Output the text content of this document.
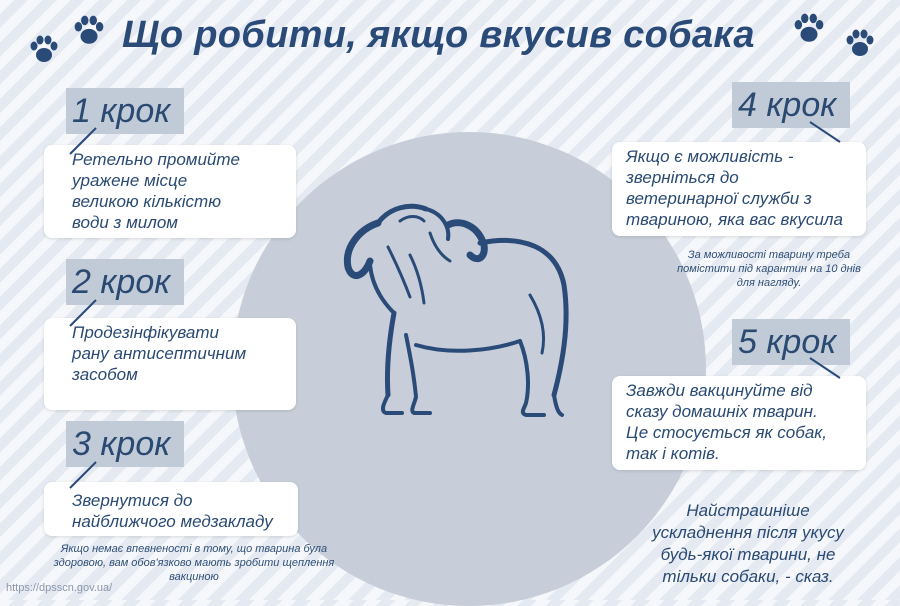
Що робити, якщо вкусив собака
1 крок
Ретельно промийте
уражене місце
великою кількістю
води з милом
2 крок
Продезінфікувати
рану антисептичним
засобом
3 крок
Звернутися до
найближчого медзакладу
Якщо немає впевненості в тому, що тварина була здоровою, вам обов'язково мають зробити щеплення вакциною
4 крок
Якщо є можливість -
зверніться до
ветеринарної служби з
твариною, яка вас вкусила
За можливості тварину треба помістити під карантин на 10 днів для нагляду.
5 крок
Завжди вакцинуйте від
сказу домашніх тварин.
Це стосується як собак,
так і котів.
Найстрашніше
ускладнення після укусу
будь-якої тварини, не
тільки собаки, - сказ.
https://dpsscn.gov.ua/
